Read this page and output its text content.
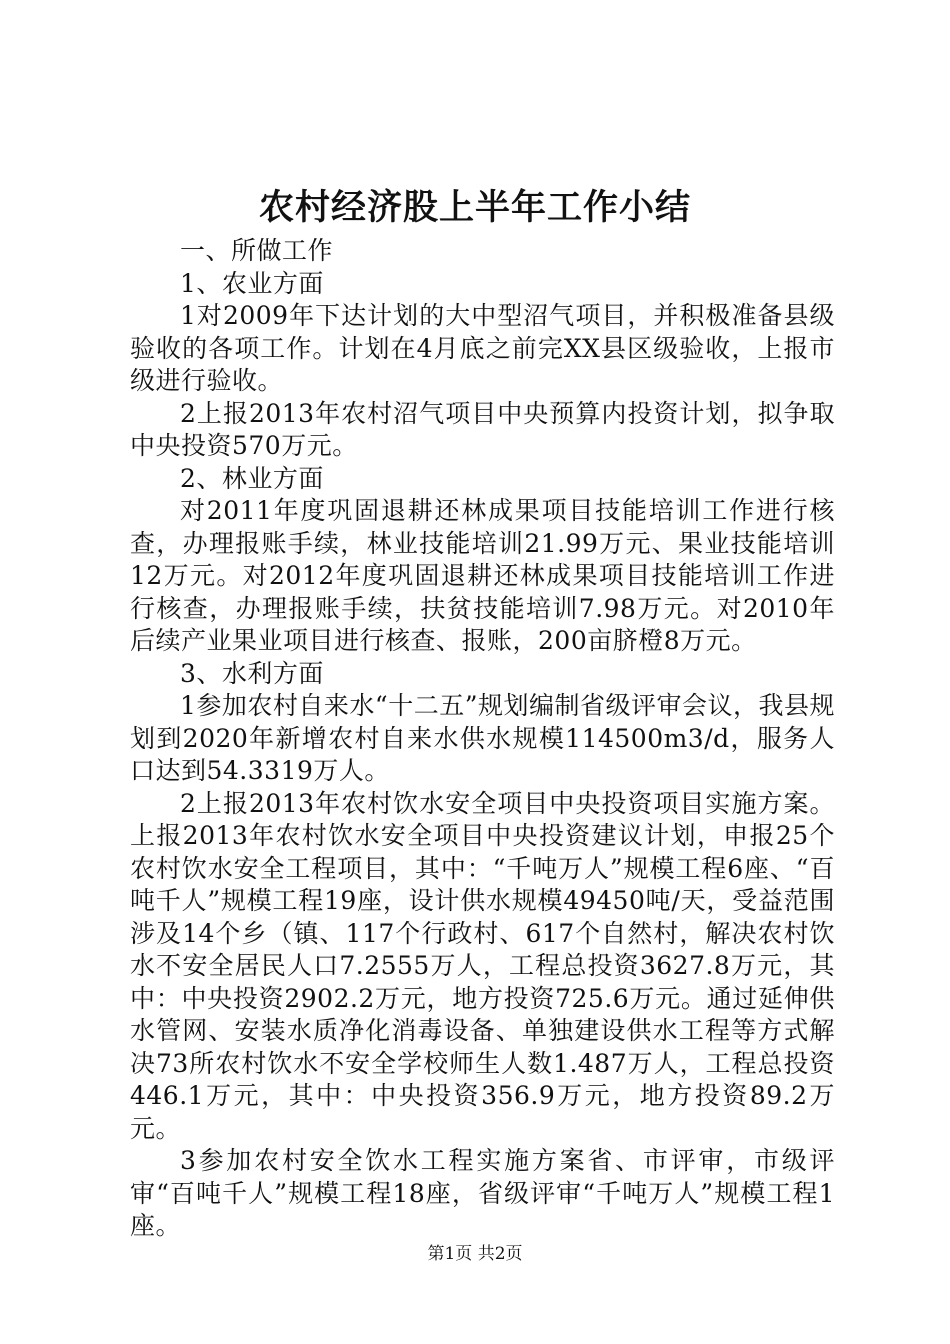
农村经济股上半年工作小结

一、所做工作

1、农业方面

1对2009年下达计划的大中型沼气项目，并积极准备县级验收的各项工作。计划在4月底之前完XX县区级验收，上报市级进行验收。

2上报2013年农村沼气项目中央预算内投资计划，拟争取中央投资570万元。

2、林业方面

对2011年度巩固退耕还林成果项目技能培训工作进行核查，办理报账手续，林业技能培训21.99万元、果业技能培训12万元。对2012年度巩固退耕还林成果项目技能培训工作进行核查，办理报账手续，扶贫技能培训7.98万元。对2010年后续产业果业项目进行核查、报账，200亩脐橙8万元。

3、水利方面

1参加农村自来水“十二五”规划编制省级评审会议，我县规划到2020年新增农村自来水供水规模114500m3/d，服务人口达到54.3319万人。

2上报2013年农村饮水安全项目中央投资项目实施方案。上报2013年农村饮水安全项目中央投资建议计划，申报25个农村饮水安全工程项目，其中：“千吨万人”规模工程6座、“百吨千人”规模工程19座，设计供水规模49450吨/天，受益范围涉及14个乡（镇、117个行政村、617个自然村，解决农村饮水不安全居民人口7.2555万人，工程总投资3627.8万元，其中：中央投资2902.2万元，地方投资725.6万元。通过延伸供水管网、安装水质净化消毒设备、单独建设供水工程等方式解决73所农村饮水不安全学校师生人数1.487万人，工程总投资446.1万元，其中：中央投资356.9万元，地方投资89.2万元。

3参加农村安全饮水工程实施方案省、市评审，市级评审“百吨千人”规模工程18座，省级评审“千吨万人”规模工程1座。

第1页 共2页
